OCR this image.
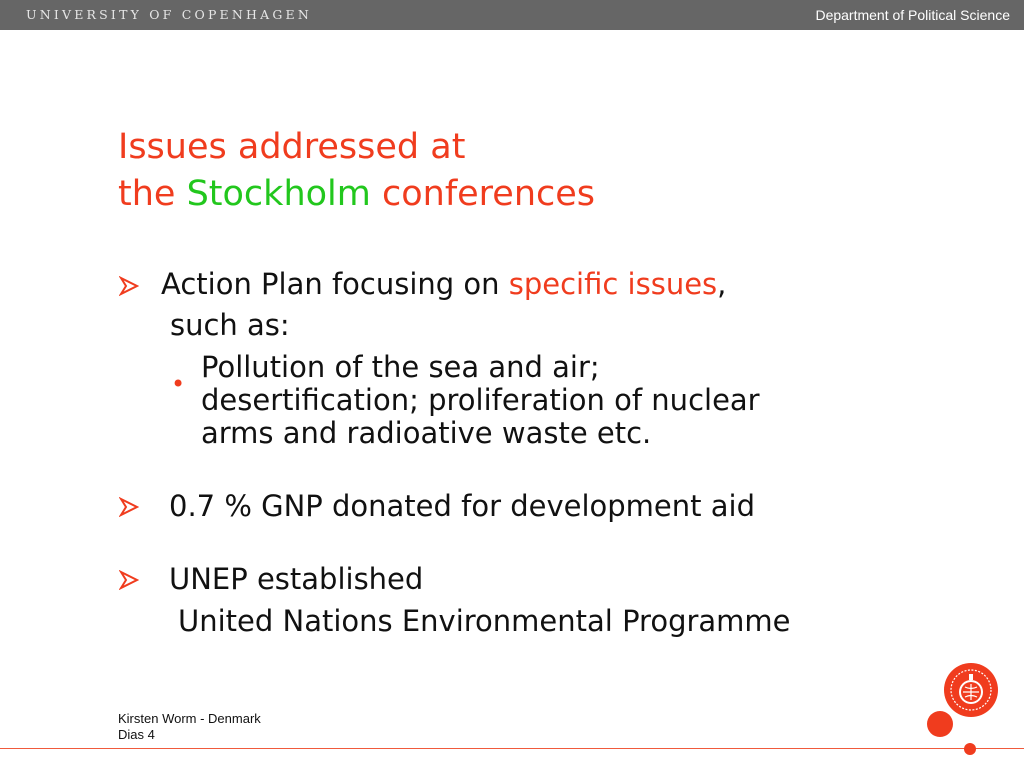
UNIVERSITY OF COPENHAGEN	Department of Political Science
Issues addressed at
the Stockholm conferences
Action Plan focusing on specific issues,
such as:
• Pollution of the sea and air;
desertification; proliferation of nuclear
arms and radioative waste etc.
0.7 % GNP donated for development aid
UNEP established
United Nations Environmental Programme
Kirsten Worm - Denmark
Dias 4
